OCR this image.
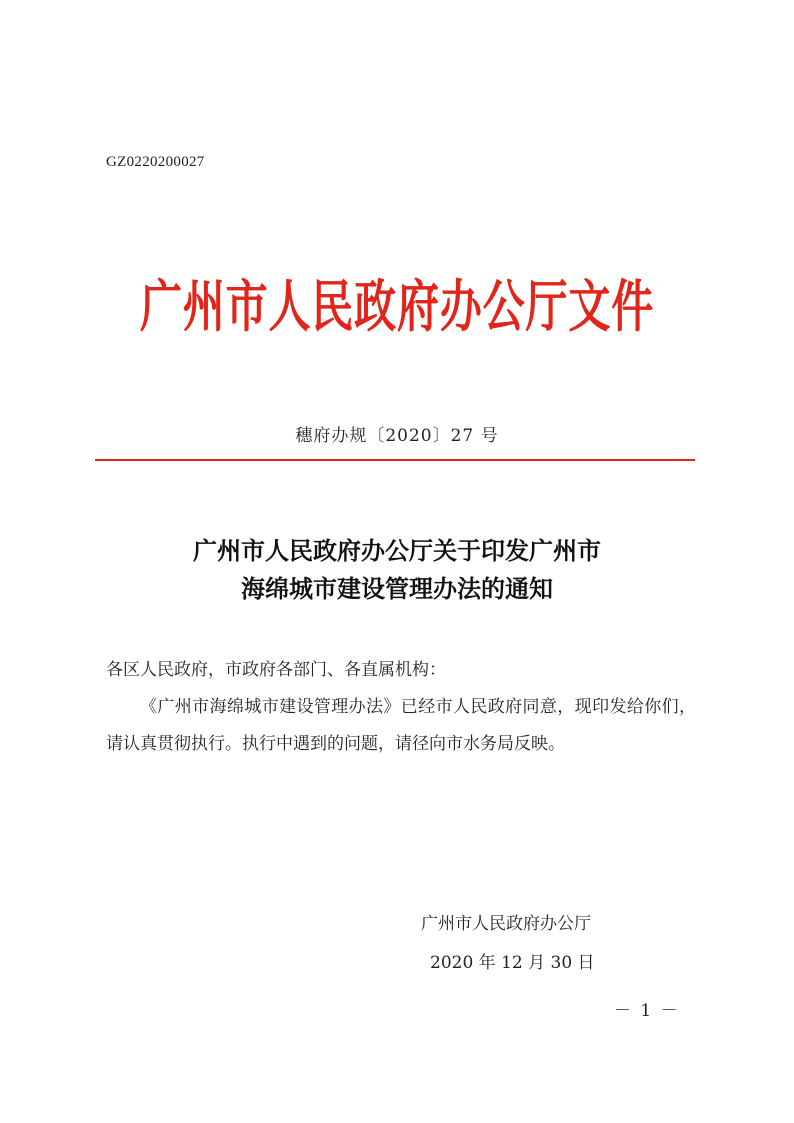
GZ0220200027
广州市人民政府办公厅文件
穗府办规〔2020〕27 号
广州市人民政府办公厅关于印发广州市
海绵城市建设管理办法的通知

各区人民政府，市政府各部门、各直属机构：

《广州市海绵城市建设管理办法》已经市人民政府同意，现印发给你们，请认真贯彻执行。执行中遇到的问题，请径向市水务局反映。

广州市人民政府办公厅
2020 年 12 月 30 日
－ 1 －
